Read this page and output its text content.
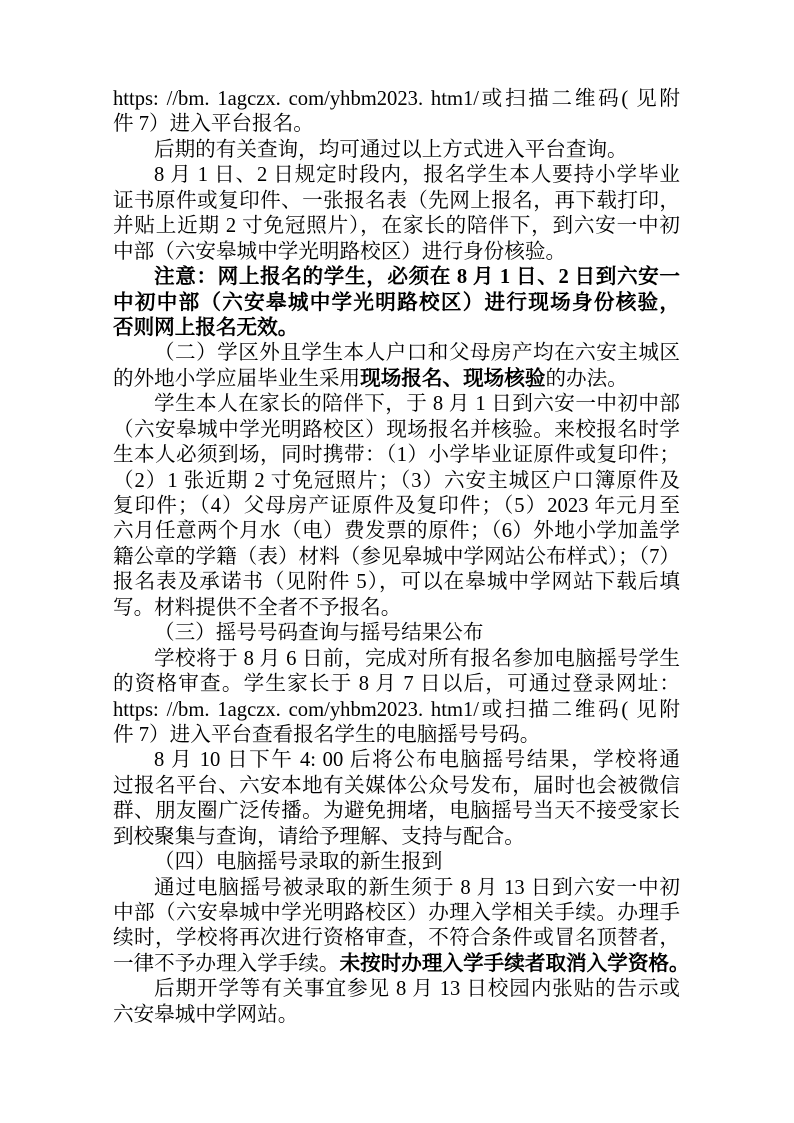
https: //bm. 1agczx. com/yhbm2023. htm1/或扫描二维码( 见附
件 7）进入平台报名。
后期的有关查询，均可通过以上方式进入平台查询。
8 月 1 日、2 日规定时段内，报名学生本人要持小学毕业
证书原件或复印件、一张报名表（先网上报名，再下载打印，
并贴上近期 2 寸免冠照片），在家长的陪伴下，到六安一中初
中部（六安皋城中学光明路校区）进行身份核验。
注意：网上报名的学生，必须在 8 月 1 日、2 日到六安一
中初中部（六安皋城中学光明路校区）进行现场身份核验，
否则网上报名无效。
（二）学区外且学生本人户口和父母房产均在六安主城区
的外地小学应届毕业生采用现场报名、现场核验的办法。
学生本人在家长的陪伴下，于 8 月 1 日到六安一中初中部
（六安皋城中学光明路校区）现场报名并核验。来校报名时学
生本人必须到场，同时携带：（1）小学毕业证原件或复印件；
（2）1 张近期 2 寸免冠照片；（3）六安主城区户口簿原件及
复印件；（4）父母房产证原件及复印件；（5）2023 年元月至
六月任意两个月水（电）费发票的原件；（6）外地小学加盖学
籍公章的学籍（表）材料（参见皋城中学网站公布样式）；（7）
报名表及承诺书（见附件 5），可以在皋城中学网站下载后填
写。材料提供不全者不予报名。
（三）摇号号码查询与摇号结果公布
学校将于 8 月 6 日前，完成对所有报名参加电脑摇号学生
的资格审查。学生家长于 8 月 7 日以后，可通过登录网址：
https: //bm. 1agczx. com/yhbm2023. htm1/或扫描二维码( 见附
件 7）进入平台查看报名学生的电脑摇号号码。
8 月 10 日下午 4: 00 后将公布电脑摇号结果，学校将通
过报名平台、六安本地有关媒体公众号发布，届时也会被微信
群、朋友圈广泛传播。为避免拥堵，电脑摇号当天不接受家长
到校聚集与查询，请给予理解、支持与配合。
（四）电脑摇号录取的新生报到
通过电脑摇号被录取的新生须于 8 月 13 日到六安一中初
中部（六安皋城中学光明路校区）办理入学相关手续。办理手
续时，学校将再次进行资格审查，不符合条件或冒名顶替者，
一律不予办理入学手续。未按时办理入学手续者取消入学资格。
后期开学等有关事宜参见 8 月 13 日校园内张贴的告示或
六安皋城中学网站。
